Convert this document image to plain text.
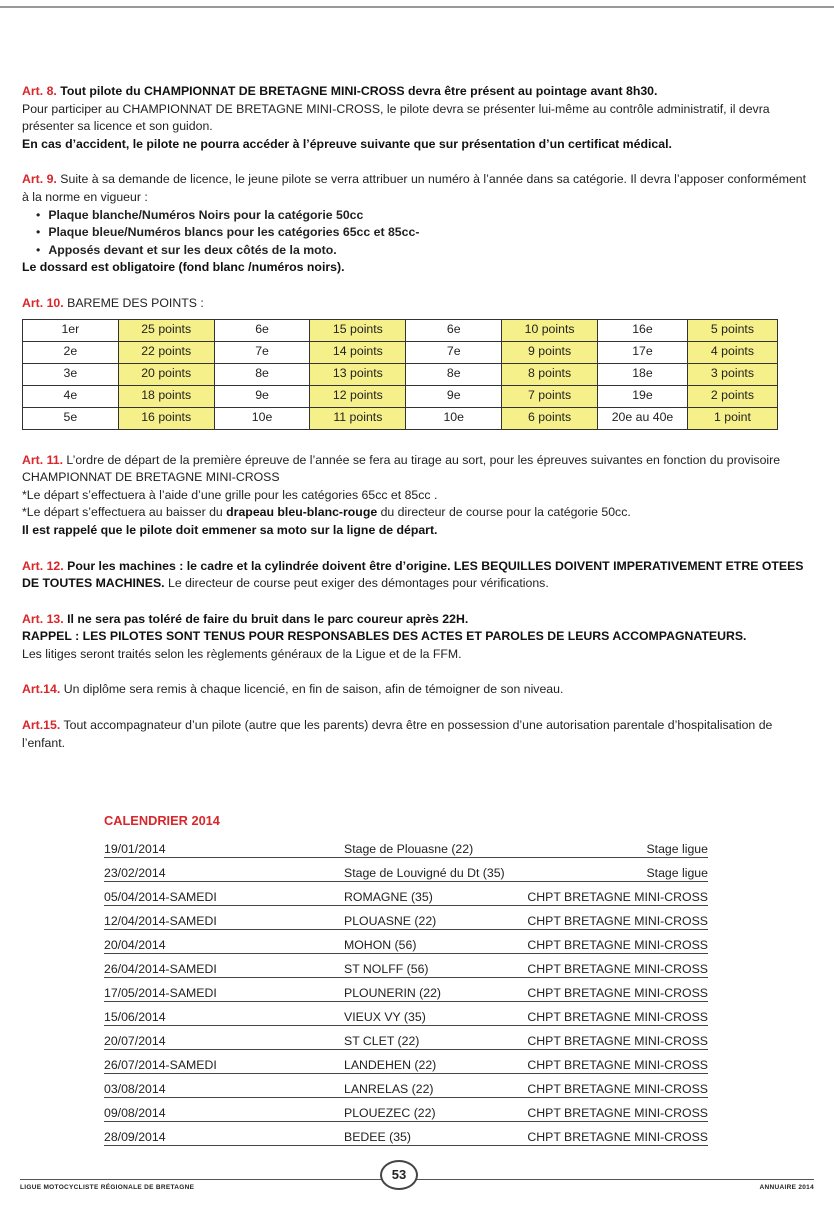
Art. 8. Tout pilote du CHAMPIONNAT DE BRETAGNE MINI-CROSS devra être présent au pointage avant 8h30.
Pour participer au CHAMPIONNAT DE BRETAGNE MINI-CROSS, le pilote devra se présenter lui-même au contrôle administratif, il devra présenter sa licence et son guidon.
En cas d’accident, le pilote ne pourra accéder à l’épreuve suivante que sur présentation d’un certificat médical.

Art. 9. Suite à sa demande de licence, le jeune pilote se verra attribuer un numéro à l’année dans sa catégorie. Il devra l’apposer conformément à la norme en vigueur :
• Plaque blanche/Numéros Noirs pour la catégorie 50cc
• Plaque bleue/Numéros blancs pour les catégories 65cc et 85cc-
• Apposés devant et sur les deux côtés de la moto.
Le dossard est obligatoire (fond blanc /numéros noirs).
Art. 10. BAREME DES POINTS :
1er	25 points	6e	15 points	6e	10 points	16e	5 points
2e	22 points	7e	14 points	7e	9 points	17e	4 points
3e	20 points	8e	13 points	8e	8 points	18e	3 points
4e	18 points	9e	12 points	9e	7 points	19e	2 points
5e	16 points	10e	11 points	10e	6 points	20e au 40e	1 point

Art. 11. L’ordre de départ de la première épreuve de l’année se fera au tirage au sort, pour les épreuves suivantes en fonction du provisoire CHAMPIONNAT DE BRETAGNE MINI-CROSS
*Le départ s’effectuera à l’aide d’une grille pour les catégories 65cc et 85cc .
*Le départ s’effectuera au baisser du drapeau bleu-blanc-rouge du directeur de course pour la catégorie 50cc.
Il est rappelé que le pilote doit emmener sa moto sur la ligne de départ.

Art. 12. Pour les machines : le cadre et la cylindrée doivent être d’origine. LES BEQUILLES DOIVENT IMPERATIVEMENT ETRE OTEES DE TOUTES MACHINES. Le directeur de course peut exiger des démontages pour vérifications.

Art. 13. Il ne sera pas toléré de faire du bruit dans le parc coureur après 22H.
RAPPEL : LES PILOTES SONT TENUS POUR RESPONSABLES DES ACTES ET PAROLES DE LEURS ACCOMPAGNATEURS.
Les litiges seront traités selon les règlements généraux de la Ligue et de la FFM.

Art.14. Un diplôme sera remis à chaque licencié, en fin de saison, afin de témoigner de son niveau.

Art.15. Tout accompagnateur d’un pilote (autre que les parents) devra être en possession d’une autorisation parentale d’hospitalisation de l’enfant.

CALENDRIER 2014
19/01/2014	Stage de Plouasne (22)	Stage ligue
23/02/2014	Stage de Louvigné du Dt (35)	Stage ligue
05/04/2014-SAMEDI	ROMAGNE (35)	CHPT BRETAGNE MINI-CROSS
12/04/2014-SAMEDI	PLOUASNE (22)	CHPT BRETAGNE MINI-CROSS
20/04/2014	MOHON (56)	CHPT BRETAGNE MINI-CROSS
26/04/2014-SAMEDI	ST NOLFF (56)	CHPT BRETAGNE MINI-CROSS
17/05/2014-SAMEDI	PLOUNERIN (22)	CHPT BRETAGNE MINI-CROSS
15/06/2014	VIEUX VY (35)	CHPT BRETAGNE MINI-CROSS
20/07/2014	ST CLET (22)	CHPT BRETAGNE MINI-CROSS
26/07/2014-SAMEDI	LANDEHEN (22)	CHPT BRETAGNE MINI-CROSS
03/08/2014	LANRELAS (22)	CHPT BRETAGNE MINI-CROSS
09/08/2014	PLOUEZEC (22)	CHPT BRETAGNE MINI-CROSS
28/09/2014	BEDEE (35)	CHPT BRETAGNE MINI-CROSS
LIGUE MOTOCYCLISTE RÉGIONALE DE BRETAGNE
53
ANNUAIRE 2014
